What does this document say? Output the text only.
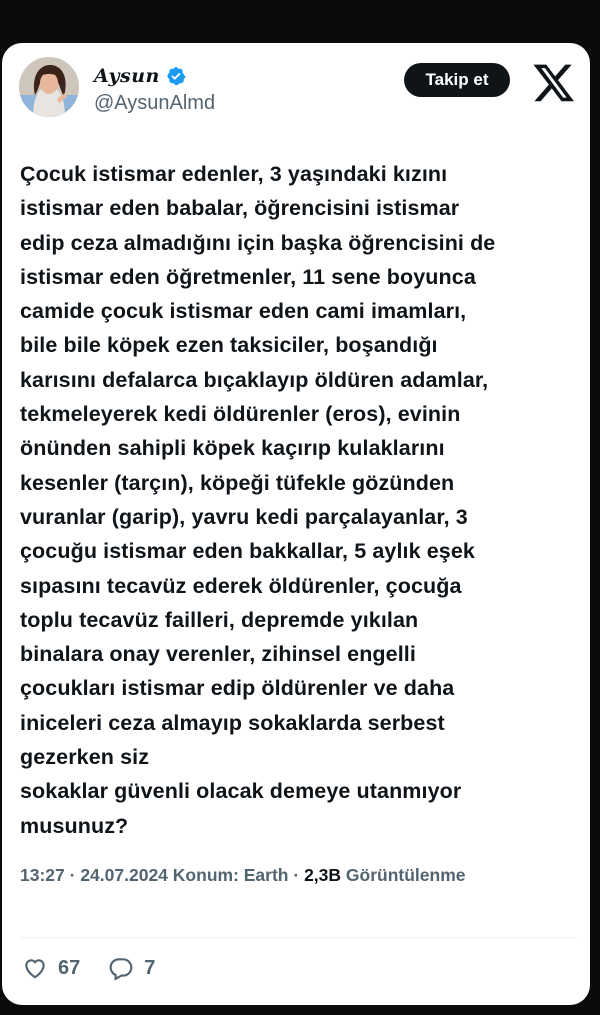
Aysun
@AysunAlmd
Takip et
Çocuk istismar edenler, 3 yaşındaki kızını
istismar eden babalar, öğrencisini istismar
edip ceza almadığını için başka öğrencisini de
istismar eden öğretmenler, 11 sene boyunca
camide çocuk istismar eden cami imamları,
bile bile köpek ezen taksiciler, boşandığı
karısını defalarca bıçaklayıp öldüren adamlar,
tekmeleyerek kedi öldürenler (eros), evinin
önünden sahipli köpek kaçırıp kulaklarını
kesenler (tarçın), köpeği tüfekle gözünden
vuranlar (garip), yavru kedi parçalayanlar, 3
çocuğu istismar eden bakkallar, 5 aylık eşek
sıpasını tecavüz ederek öldürenler, çocuğa
toplu tecavüz failleri, depremde yıkılan
binalara onay verenler, zihinsel engelli
çocukları istismar edip öldürenler ve daha
iniceleri ceza almayıp sokaklarda serbest
gezerken siz
sokaklar güvenli olacak demeye utanmıyor
musunuz?
13:27 · 24.07.2024 Konum: Earth · 2,3B Görüntülenme
67	7
